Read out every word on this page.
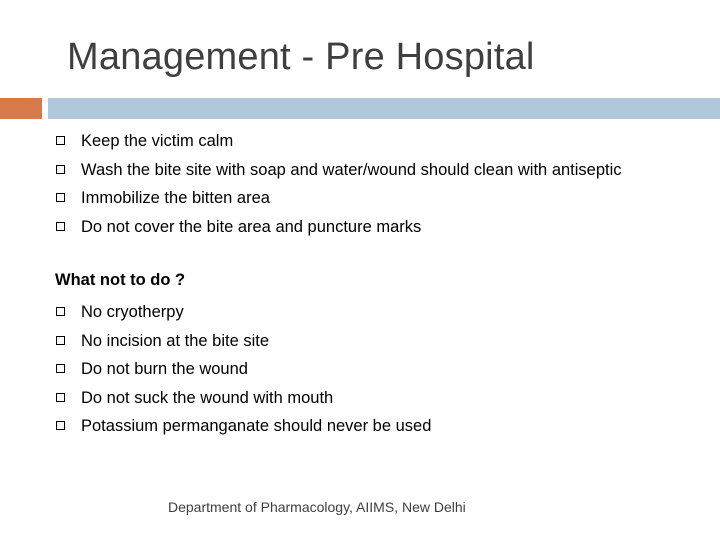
Management - Pre Hospital
Keep the victim calm
Wash the bite site with soap and water/wound should clean with antiseptic
Immobilize the bitten area
Do not cover the bite area and puncture marks
What not to do ?
No cryotherpy
No incision at the bite site
Do not burn the wound
Do not suck the wound with mouth
Potassium permanganate should never be used
Department of Pharmacology, AIIMS, New Delhi
